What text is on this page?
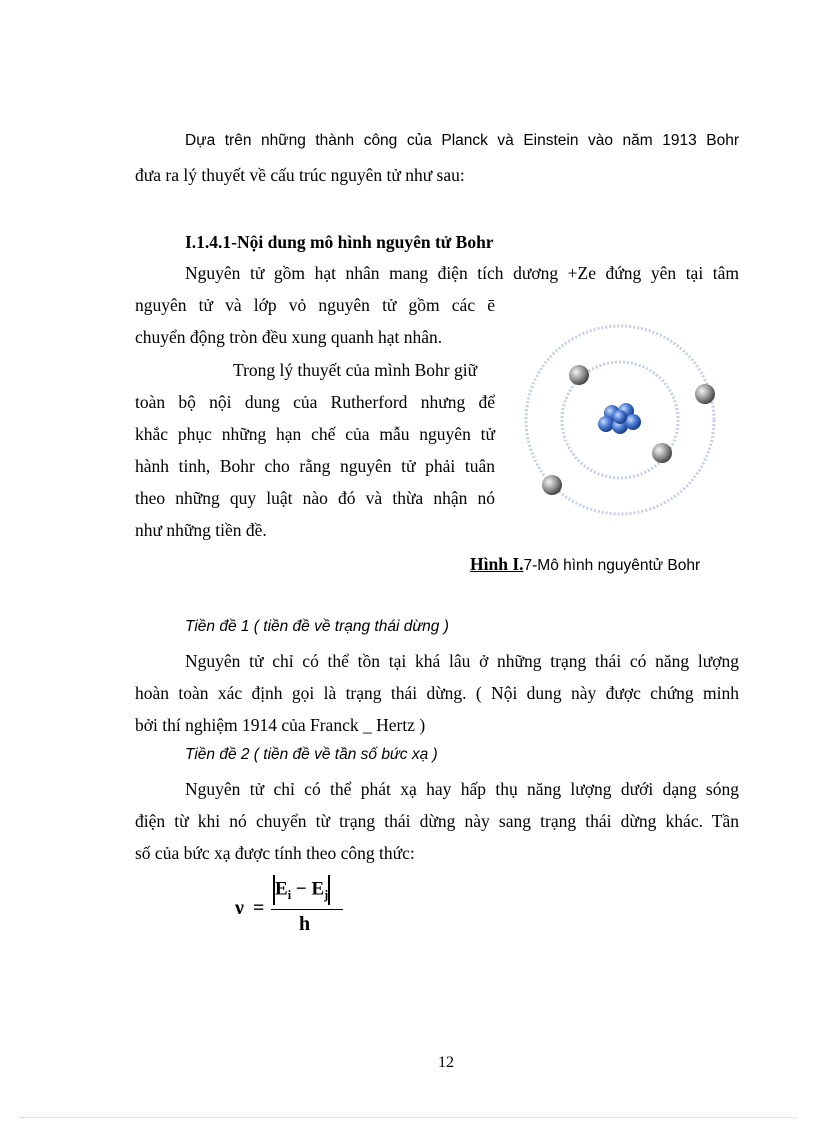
Dựa trên những thành công của Planck và Einstein vào năm 1913 Bohr
đưa ra lý thuyết về cấu trúc nguyên tử như sau:
I.1.4.1-Nội dung mô hình nguyên tử Bohr
Nguyên tử gồm hạt nhân mang điện tích dương +Ze đứng yên tại tâm
nguyên tử và lớp vỏ nguyên tử gồm các ē
chuyển động tròn đều xung quanh hạt nhân.
Trong lý thuyết của mình Bohr giữ
toàn bộ nội dung của Rutherford nhưng để
khắc phục những hạn chế của mẫu nguyên tử
hành tinh, Bohr cho rằng nguyên tử phải tuân
theo những quy luật nào đó và thừa nhận nó
như những tiền đề.
Hình I.7-Mô hình nguyêntử Bohr
Tiền đề 1 ( tiền đề về trạng thái dừng )
Nguyên tử chỉ có thể tồn tại khá lâu ở những trạng thái có năng lượng
hoàn toàn xác định gọi là trạng thái dừng. ( Nội dung này được chứng minh
bởi thí nghiệm 1914 của Franck _ Hertz )
Tiền đề 2 ( tiền đề về tần số bức xạ )
Nguyên tử chỉ có thể phát xạ hay hấp thụ năng lượng dưới dạng sóng
điện từ khi nó chuyển từ trạng thái dừng này sang trạng thái dừng khác. Tần
số của bức xạ được tính theo công thức:
ν =
$E_i - E_j$
h
12
